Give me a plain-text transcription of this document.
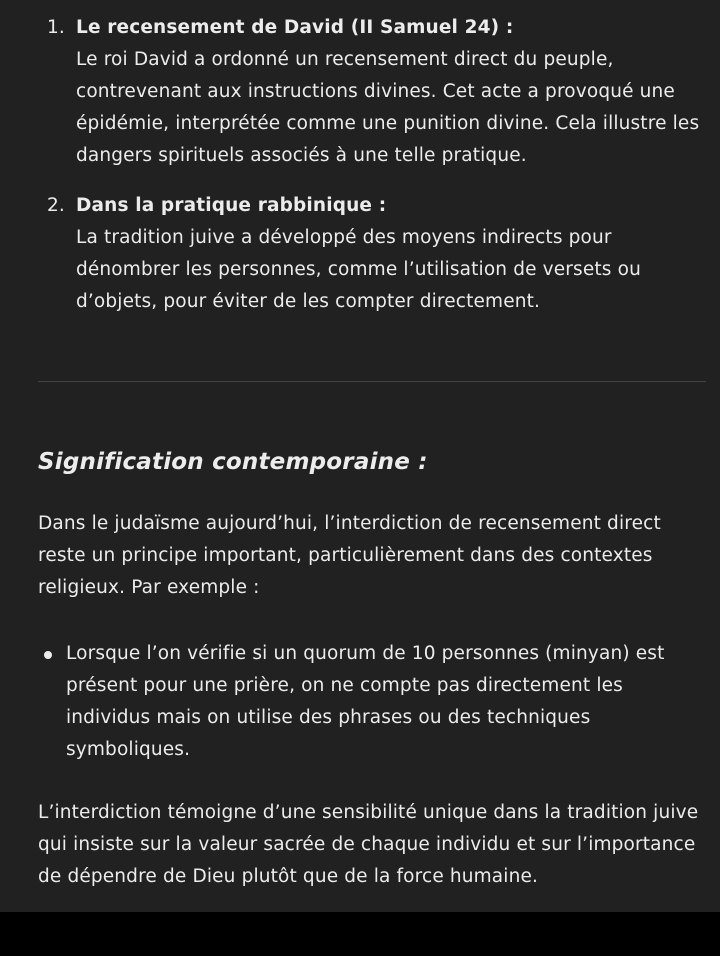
1. Le recensement de David (II Samuel 24) :
Le roi David a ordonné un recensement direct du peuple, contrevenant aux instructions divines. Cet acte a provoqué une épidémie, interprétée comme une punition divine. Cela illustre les dangers spirituels associés à une telle pratique.
2. Dans la pratique rabbinique :
La tradition juive a développé des moyens indirects pour dénombrer les personnes, comme l’utilisation de versets ou d’objets, pour éviter de les compter directement.
Signification contemporaine :
Dans le judaïsme aujourd’hui, l’interdiction de recensement direct reste un principe important, particulièrement dans des contextes religieux. Par exemple :
Lorsque l’on vérifie si un quorum de 10 personnes (minyan) est présent pour une prière, on ne compte pas directement les individus mais on utilise des phrases ou des techniques symboliques.
L’interdiction témoigne d’une sensibilité unique dans la tradition juive qui insiste sur la valeur sacrée de chaque individu et sur l’importance de dépendre de Dieu plutôt que de la force humaine.
